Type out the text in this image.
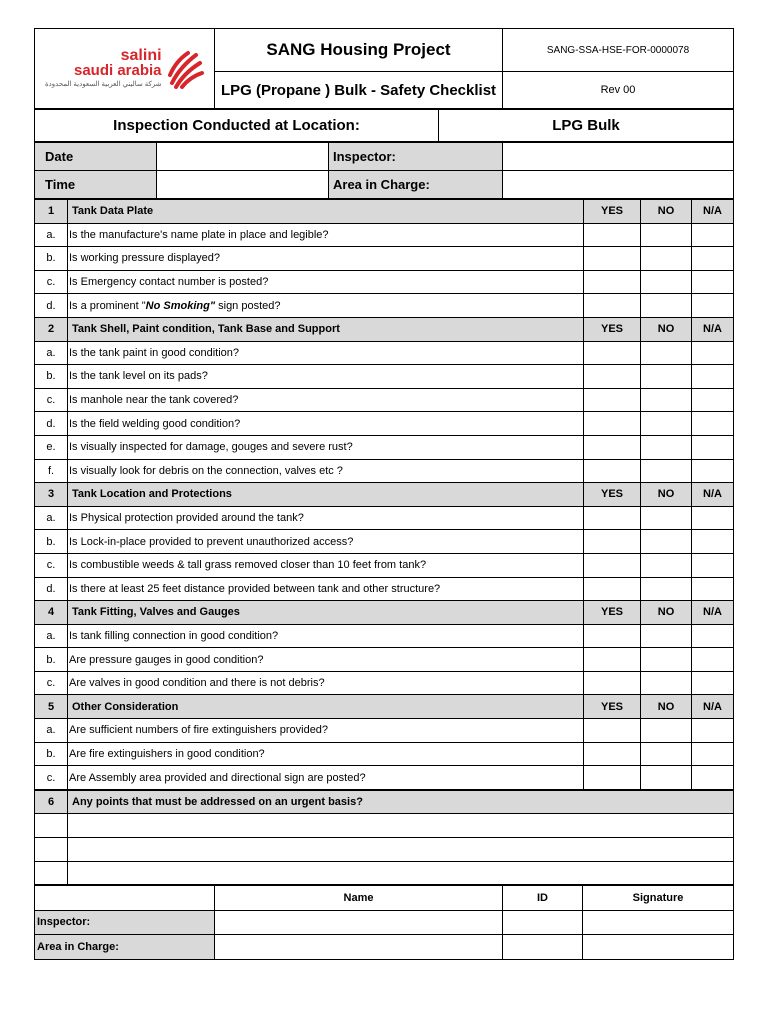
salini
saudi arabia
شركة ساليني العربية السعودية المحدودة	SANG Housing Project	SANG-SSA-HSE-FOR-0000078
	LPG (Propane ) Bulk - Safety Checklist	Rev 00
Inspection Conducted at Location:	LPG Bulk
Date		Inspector:	
Time		Area in Charge:	
1	Tank Data Plate	YES	NO	N/A
a.	Is the manufacture's name plate in place and legible?			
b.	Is working pressure displayed?			
c.	Is Emergency contact number is posted?			
d.	Is a prominent "No Smoking" sign posted?			
2	Tank Shell, Paint condition, Tank Base and Support	YES	NO	N/A
a.	Is the tank paint in good condition?			
b.	Is the tank level on its pads?			
c.	Is manhole near the tank covered?			
d.	Is the field welding good condition?			
e.	Is visually inspected for damage, gouges and severe rust?			
f.	Is visually look for debris on the connection, valves etc ?			
3	Tank Location and Protections	YES	NO	N/A
a.	Is Physical protection provided around the tank?			
b.	Is Lock-in-place provided to prevent unauthorized access?			
c.	Is combustible weeds & tall grass removed closer than 10 feet from tank?			
d.	Is there at least 25 feet distance provided between tank and other structure?			
4	Tank Fitting, Valves and Gauges	YES	NO	N/A
a.	Is tank filling connection in good condition?			
b.	Are pressure gauges in good condition?			
c.	Are valves in good condition and there is not debris?			
5	Other Consideration	YES	NO	N/A
a.	Are sufficient numbers of fire extinguishers provided?			
b.	Are fire extinguishers in good condition?			
c.	Are Assembly area provided and directional sign are posted?			
6	Any points that must be addressed on an urgent basis?

	Name	ID	Signature
Inspector:			
Area in Charge:			
